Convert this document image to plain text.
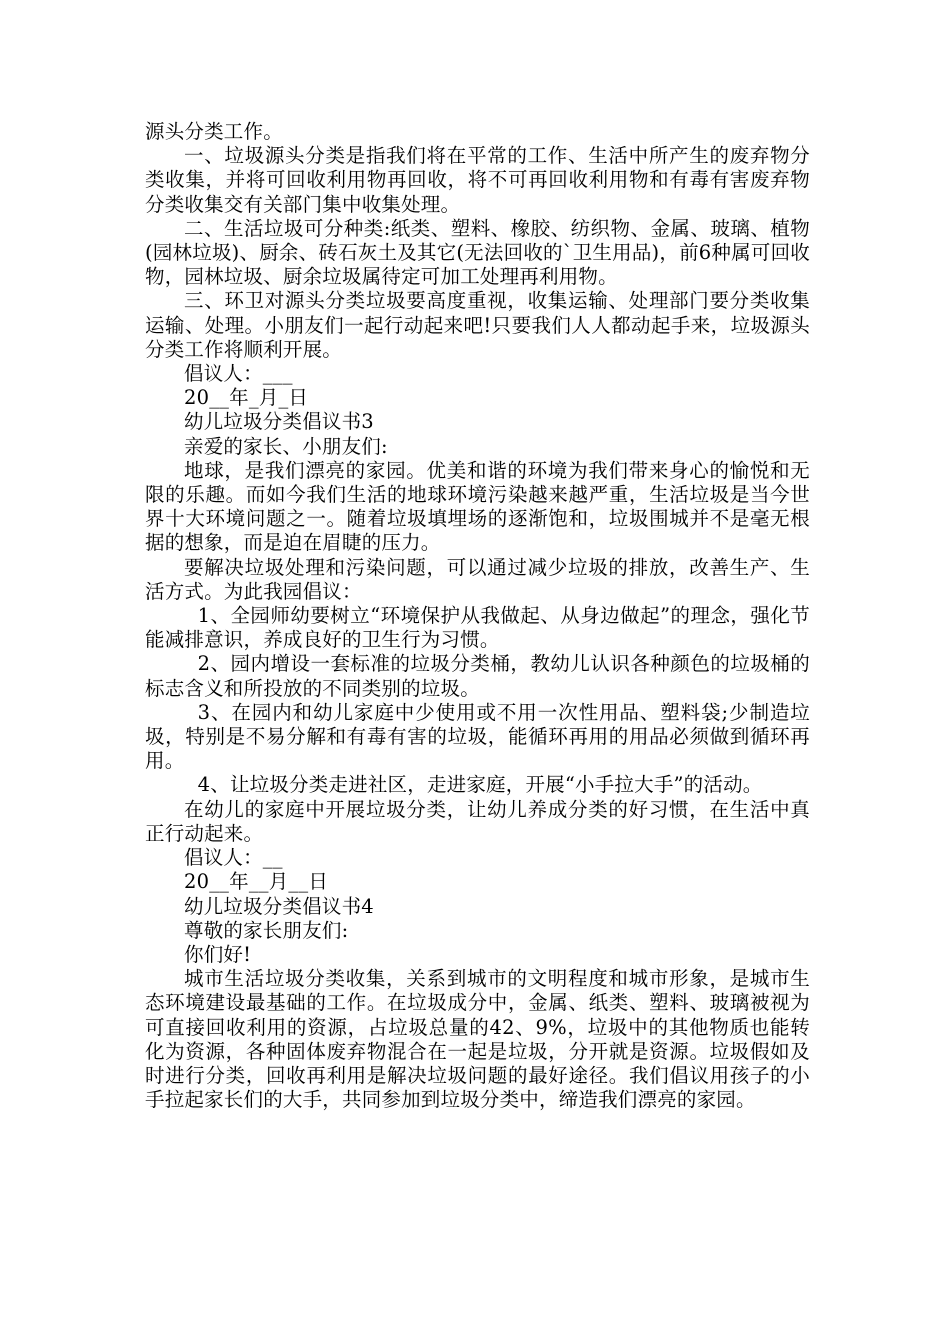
源头分类工作。

一、垃圾源头分类是指我们将在平常的工作、生活中所产生的废弃物分类收集，并将可回收利用物再回收，将不可再回收利用物和有毒有害废弃物分类收集交有关部门集中收集处理。

二、生活垃圾可分种类:纸类、塑料、橡胶、纺织物、金属、玻璃、植物(园林垃圾)、厨余、砖石灰土及其它(无法回收的`卫生用品)，前6种属可回收物，园林垃圾、厨余垃圾属待定可加工处理再利用物。

三、环卫对源头分类垃圾要高度重视，收集运输、处理部门要分类收集运输、处理。小朋友们一起行动起来吧!只要我们人人都动起手来，垃圾源头分类工作将顺利开展。

倡议人：___

20__年_月_日

幼儿垃圾分类倡议书3

亲爱的家长、小朋友们:

地球，是我们漂亮的家园。优美和谐的环境为我们带来身心的愉悦和无限的乐趣。而如今我们生活的地球环境污染越来越严重，生活垃圾是当今世界十大环境问题之一。随着垃圾填埋场的逐渐饱和，垃圾围城并不是毫无根据的想象，而是迫在眉睫的压力。

要解决垃圾处理和污染问题，可以通过减少垃圾的排放，改善生产、生活方式。为此我园倡议：

1、全园师幼要树立“环境保护从我做起、从身边做起”的理念，强化节能减排意识，养成良好的卫生行为习惯。

2、园内增设一套标准的垃圾分类桶，教幼儿认识各种颜色的垃圾桶的标志含义和所投放的不同类别的垃圾。

3、在园内和幼儿家庭中少使用或不用一次性用品、塑料袋;少制造垃圾，特别是不易分解和有毒有害的垃圾，能循环再用的用品必须做到循环再用。

4、让垃圾分类走进社区，走进家庭，开展“小手拉大手”的活动。

在幼儿的家庭中开展垃圾分类，让幼儿养成分类的好习惯，在生活中真正行动起来。

倡议人：__

20__年__月__日

幼儿垃圾分类倡议书4

尊敬的家长朋友们:

你们好!

城市生活垃圾分类收集，关系到城市的文明程度和城市形象，是城市生态环境建设最基础的工作。在垃圾成分中，金属、纸类、塑料、玻璃被视为可直接回收利用的资源，占垃圾总量的42、9%，垃圾中的其他物质也能转化为资源，各种固体废弃物混合在一起是垃圾，分开就是资源。垃圾假如及时进行分类，回收再利用是解决垃圾问题的最好途径。我们倡议用孩子的小手拉起家长们的大手，共同参加到垃圾分类中，缔造我们漂亮的家园。
